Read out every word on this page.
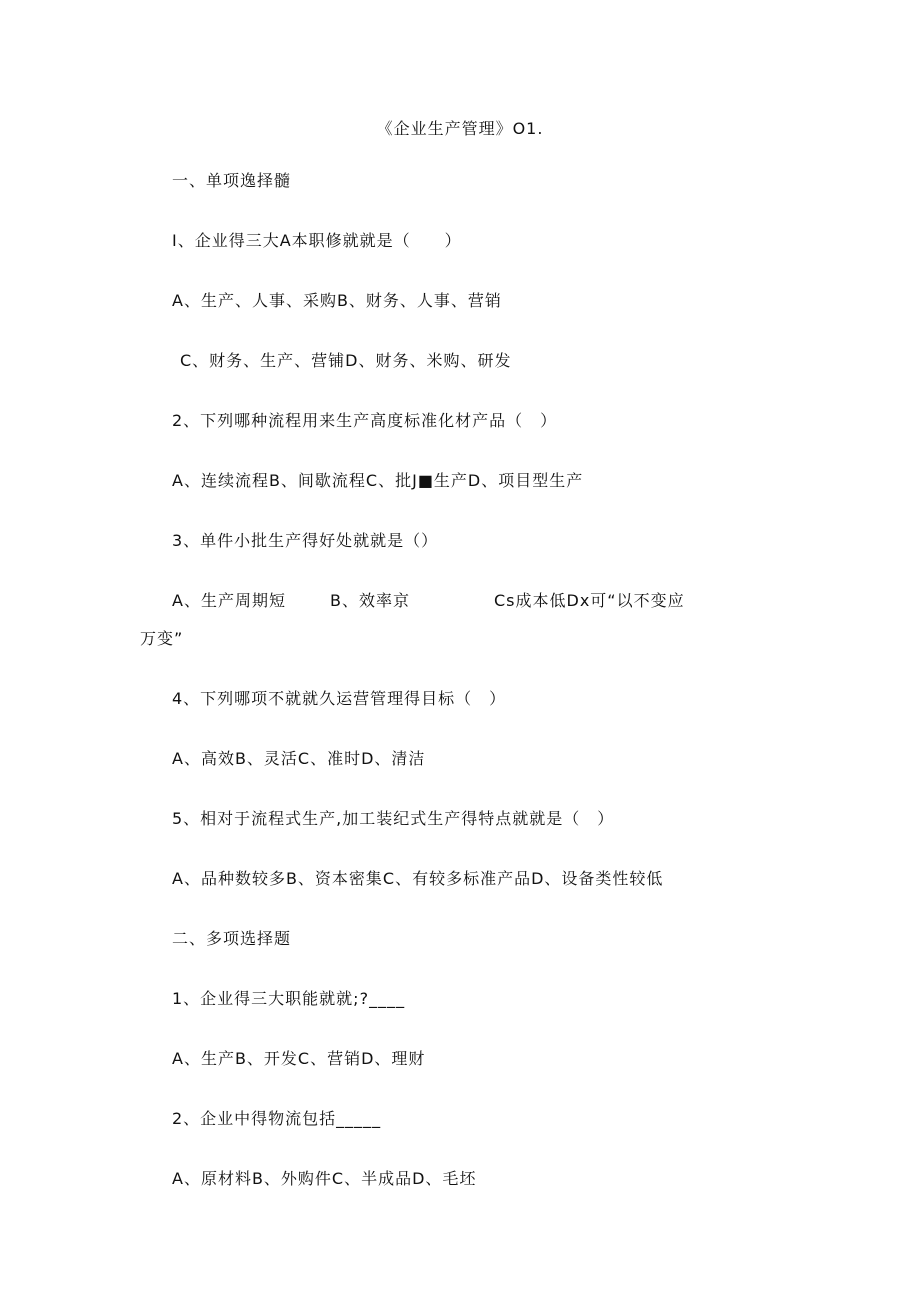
《企业生产管理》O1.
一、单项逸择髓
I、企业得三大A本职修就就是（　　）
A、生产、人事、采购B、财务、人事、营销
C、财务、生产、营铺D、财务、米购、研发
2、下列哪种流程用来生产高度标准化材产品（　）
A、连续流程B、间歇流程C、批J■生产D、项目型生产
3、单件小批生产得好处就就是（）
A、生产周期短	B、效率京	Cs成本低Dx可“以不变应
万变”
4、下列哪项不就就久运营管理得目标（　）
A、高效B、灵活C、准时D、清洁
5、相对于流程式生产,加工装纪式生产得特点就就是（　）
A、品种数较多B、资本密集C、有较多标准产品D、设备类性较低
二、多项选择题
1、企业得三大职能就就;?____
A、生产B、开发C、营销D、理财
2、企业中得物流包括_____
A、原材料B、外购件C、半成品D、毛坯
